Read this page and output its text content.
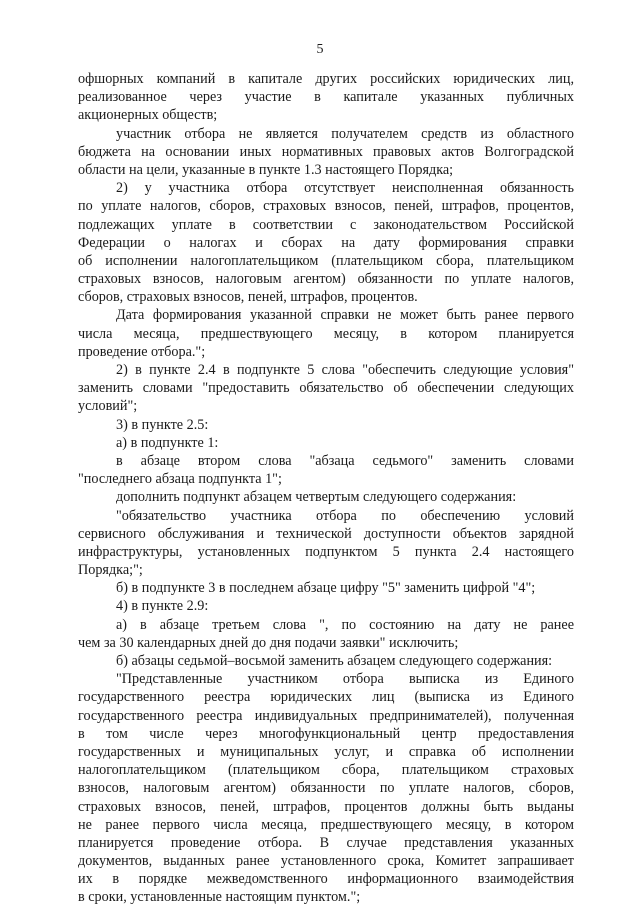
5
офшорных компаний в капитале других российских юридических лиц,
реализованное через участие в капитале указанных публичных
акционерных обществ;
участник отбора не является получателем средств из областного
бюджета на основании иных нормативных правовых актов Волгоградской
области на цели, указанные в пункте 1.3 настоящего Порядка;
2) у участника отбора отсутствует неисполненная обязанность
по уплате налогов, сборов, страховых взносов, пеней, штрафов, процентов,
подлежащих уплате в соответствии с законодательством Российской
Федерации о налогах и сборах на дату формирования справки
об исполнении налогоплательщиком (плательщиком сбора, плательщиком
страховых взносов, налоговым агентом) обязанности по уплате налогов,
сборов, страховых взносов, пеней, штрафов, процентов.
Дата формирования указанной справки не может быть ранее первого
числа месяца, предшествующего месяцу, в котором планируется
проведение отбора.";
2) в пункте 2.4 в подпункте 5 слова "обеспечить следующие условия"
заменить словами "предоставить обязательство об обеспечении следующих
условий";
3) в пункте 2.5:
а) в подпункте 1:
в абзаце втором слова "абзаца седьмого" заменить словами
"последнего абзаца подпункта 1";
дополнить подпункт абзацем четвертым следующего содержания:
"обязательство участника отбора по обеспечению условий
сервисного обслуживания и технической доступности объектов зарядной
инфраструктуры, установленных подпунктом 5 пункта 2.4 настоящего
Порядка;";
б) в подпункте 3 в последнем абзаце цифру "5" заменить цифрой "4";
4) в пункте 2.9:
а) в абзаце третьем слова ", по состоянию на дату не ранее
чем за 30 календарных дней до дня подачи заявки" исключить;
б) абзацы седьмой–восьмой заменить абзацем следующего содержания:
"Представленные участником отбора выписка из Единого
государственного реестра юридических лиц (выписка из Единого
государственного реестра индивидуальных предпринимателей), полученная
в том числе через многофункциональный центр предоставления
государственных и муниципальных услуг, и справка об исполнении
налогоплательщиком (плательщиком сбора, плательщиком страховых
взносов, налоговым агентом) обязанности по уплате налогов, сборов,
страховых взносов, пеней, штрафов, процентов должны быть выданы
не ранее первого числа месяца, предшествующего месяцу, в котором
планируется проведение отбора. В случае представления указанных
документов, выданных ранее установленного срока, Комитет запрашивает
их в порядке межведомственного информационного взаимодействия
в сроки, установленные настоящим пунктом.";
